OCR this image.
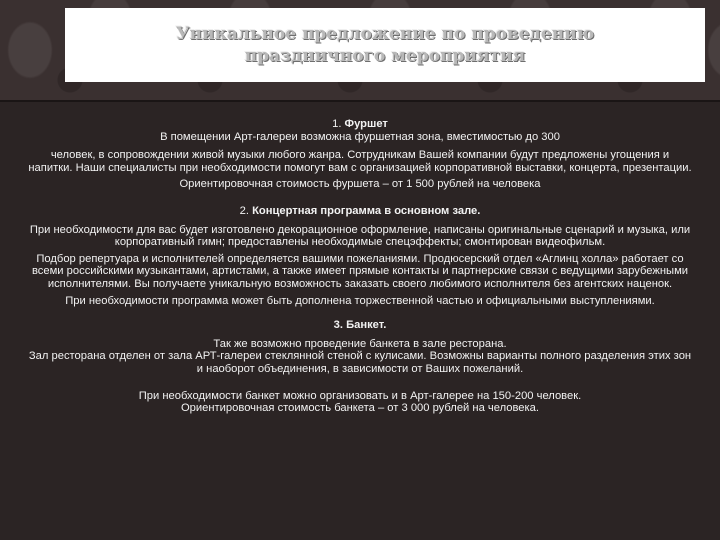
Уникальное предложение по проведению праздничного мероприятия

1. Фуршет

В помещении Арт-галереи возможна фуршетная зона, вместимостью до 300

человек, в сопровождении живой музыки любого жанра. Сотрудникам Вашей компании будут предложены угощения и напитки. Наши специалисты при необходимости помогут вам с организацией корпоративной выставки, концерта, презентации.

Ориентировочная стоимость фуршета – от 1 500 рублей на человека

2. Концертная программа в основном зале.

При необходимости для вас будет изготовлено декорационное оформление, написаны оригинальные сценарий и музыка, или корпоративный гимн; предоставлены необходимые спецэффекты; смонтирован видеофильм.

Подбор репертуара и исполнителей определяется вашими пожеланиями. Продюсерский отдел «Аглинц холла» работает со всеми российскими музыкантами, артистами, а также имеет прямые контакты и партнерские связи с ведущими зарубежными исполнителями. Вы получаете уникальную возможность заказать своего любимого исполнителя без агентских наценок.

При необходимости программа может быть дополнена торжественной частью и официальными выступлениями.

3. Банкет.

Так же возможно проведение банкета в зале ресторана.

Зал ресторана отделен от зала АРТ-галереи стеклянной стеной с кулисами. Возможны варианты полного разделения этих зон и наоборот объединения, в зависимости от Ваших пожеланий.

При необходимости банкет можно организовать и в Арт-галерее на 150-200 человек.

Ориентировочная стоимость банкета – от 3 000 рублей на человека.
